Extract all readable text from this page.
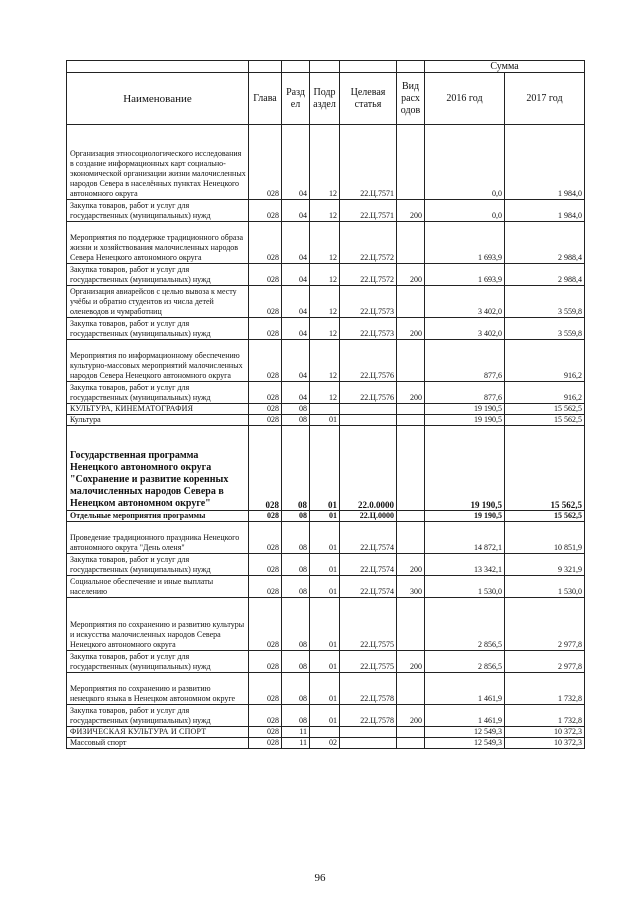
						Сумма	
Наименование	Глава	Разд ел	Подр аздел	Целевая статья	Вид расх одов	2016 год	2017 год
Организация этносоциологического исследования в создание информационных карт социально-экономической организации жизни малочисленных народов Севера в населённых пунктах Ненецкого автономного округа	028	04	12	22.Ц.7571		0,0	1 984,0
Закупка товаров, работ и услуг для государственных (муниципальных) нужд	028	04	12	22.Ц.7571	200	0,0	1 984,0
Мероприятия по поддержке традиционного образа жизни и хозяйствования малочисленных народов Севера Ненецкого автономного округа	028	04	12	22.Ц.7572		1 693,9	2 988,4
Закупка товаров, работ и услуг для государственных (муниципальных) нужд	028	04	12	22.Ц.7572	200	1 693,9	2 988,4
Организация авиарейсов с целью вывоза к месту учёбы и обратно студентов из числа детей оленеводов и чумработниц	028	04	12	22.Ц.7573		3 402,0	3 559,8
Закупка товаров, работ и услуг для государственных (муниципальных) нужд	028	04	12	22.Ц.7573	200	3 402,0	3 559,8
Мероприятия по информационному обеспечению культурно-массовых мероприятий малочисленных народов Севера Ненецкого автономного округа	028	04	12	22.Ц.7576		877,6	916,2
Закупка товаров, работ и услуг для государственных (муниципальных) нужд	028	04	12	22.Ц.7576	200	877,6	916,2
КУЛЬТУРА, КИНЕМАТОГРАФИЯ	028	08				19 190,5	15 562,5
Культура	028	08	01			19 190,5	15 562,5
Государственная программа Ненецкого автономного округа "Сохранение и развитие коренных малочисленных народов Севера в Ненецком автономном округе"	028	08	01	22.0.0000		19 190,5	15 562,5
Отдельные мероприятия программы	028	08	01	22.Ц.0000		19 190,5	15 562,5
Проведение традиционного праздника Ненецкого автономного округа "День оленя"	028	08	01	22.Ц.7574		14 872,1	10 851,9
Закупка товаров, работ и услуг для государственных (муниципальных) нужд	028	08	01	22.Ц.7574	200	13 342,1	9 321,9
Социальное обеспечение и иные выплаты населению	028	08	01	22.Ц.7574	300	1 530,0	1 530,0
Мероприятия по сохранению и развитию культуры и искусства малочисленных народов Севера Ненецкого автономного округа	028	08	01	22.Ц.7575		2 856,5	2 977,8
Закупка товаров, работ и услуг для государственных (муниципальных) нужд	028	08	01	22.Ц.7575	200	2 856,5	2 977,8
Мероприятия по сохранению и развитию ненецкого языка в Ненецком автономном округе	028	08	01	22.Ц.7578		1 461,9	1 732,8
Закупка товаров, работ и услуг для государственных (муниципальных) нужд	028	08	01	22.Ц.7578	200	1 461,9	1 732,8
ФИЗИЧЕСКАЯ КУЛЬТУРА И СПОРТ	028	11				12 549,3	10 372,3
Массовый спорт	028	11	02			12 549,3	10 372,3
96
